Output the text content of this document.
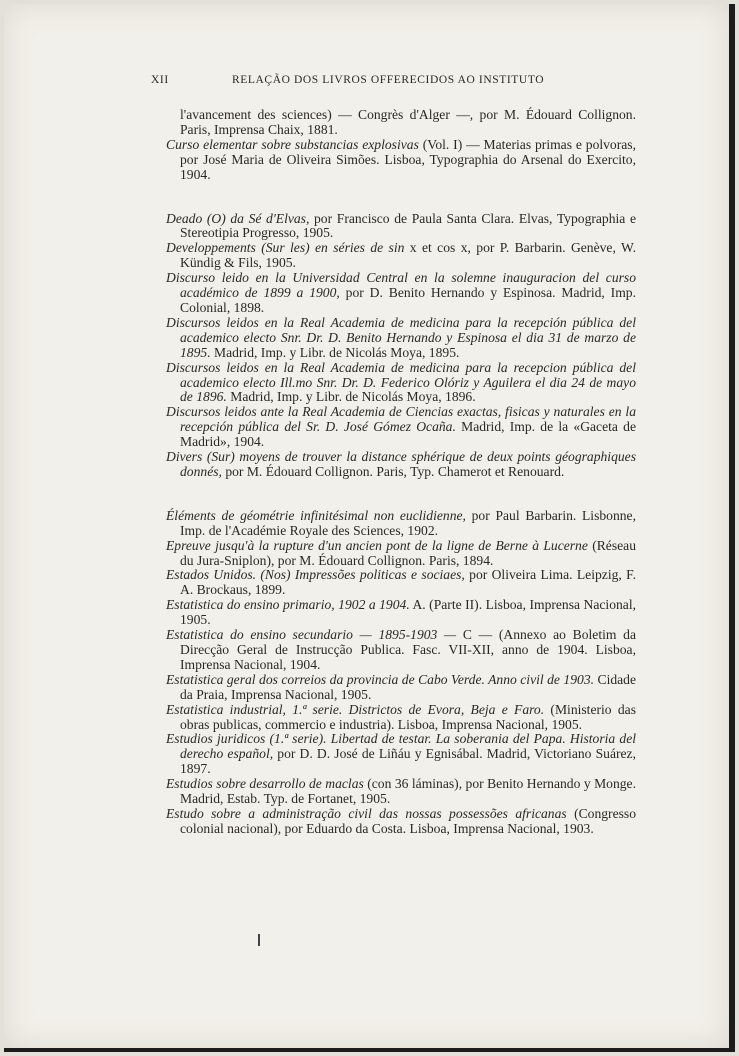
XII	RELAÇÃO DOS LIVROS OFFERECIDOS AO INSTITUTO

l'avancement des sciences) — Congrès d'Alger —, por M. Édouard Collignon. Paris, Imprensa Chaix, 1881.

Curso elementar sobre substancias explosivas (Vol. I) — Materias primas e polvoras, por José Maria de Oliveira Simões. Lisboa, Typographia do Arsenal do Exercito, 1904.

Deado (O) da Sé d'Elvas, por Francisco de Paula Santa Clara. Elvas, Typographia e Stereotipia Progresso, 1905.

Developpements (Sur les) en séries de sin x et cos x, por P. Barbarin. Genève, W. Kündig & Fils, 1905.

Discurso leido en la Universidad Central en la solemne inauguracion del curso académico de 1899 a 1900, por D. Benito Hernando y Espinosa. Madrid, Imp. Colonial, 1898.

Discursos leidos en la Real Academia de medicina para la recepción pública del academico electo Snr. Dr. D. Benito Hernando y Espinosa el dia 31 de marzo de 1895. Madrid, Imp. y Libr. de Nicolás Moya, 1895.

Discursos leidos en la Real Academia de medicina para la recepcion pública del academico electo Ill.mo Snr. Dr. D. Federico Olóriz y Aguilera el dia 24 de mayo de 1896. Madrid, Imp. y Libr. de Nicolás Moya, 1896.

Discursos leidos ante la Real Academia de Ciencias exactas, fisicas y naturales en la recepción pública del Sr. D. José Gómez Ocaña. Madrid, Imp. de la «Gaceta de Madrid», 1904.

Divers (Sur) moyens de trouver la distance sphérique de deux points géographiques donnés, por M. Édouard Collignon. Paris, Typ. Chamerot et Renouard.

Éléments de géométrie infinitésimal non euclidienne, por Paul Barbarin. Lisbonne, Imp. de l'Académie Royale des Sciences, 1902.

Epreuve jusqu'à la rupture d'un ancien pont de la ligne de Berne à Lucerne (Réseau du Jura-Sniplon), por M. Édouard Collignon. Paris, 1894.

Estados Unidos. (Nos) Impressões politicas e sociaes, por Oliveira Lima. Leipzig, F. A. Brockaus, 1899.

Estatistica do ensino primario, 1902 a 1904. A. (Parte II). Lisboa, Imprensa Nacional, 1905.

Estatistica do ensino secundario — 1895-1903 — C — (Annexo ao Boletim da Direcção Geral de Instrucção Publica. Fasc. VII-XII, anno de 1904. Lisboa, Imprensa Nacional, 1904.

Estatistica geral dos correios da provincia de Cabo Verde. Anno civil de 1903. Cidade da Praia, Imprensa Nacional, 1905.

Estatistica industrial, 1.ª serie. Districtos de Evora, Beja e Faro. (Ministerio das obras publicas, commercio e industria). Lisboa, Imprensa Nacional, 1905.

Estudios juridicos (1.ª serie). Libertad de testar. La soberania del Papa. Historia del derecho español, por D. D. José de Liñáu y Egnisábal. Madrid, Victoriano Suárez, 1897.

Estudios sobre desarrollo de maclas (con 36 láminas), por Benito Hernando y Monge. Madrid, Estab. Typ. de Fortanet, 1905.

Estudo sobre a administração civil das nossas possessões africanas (Congresso colonial nacional), por Eduardo da Costa. Lisboa, Imprensa Nacional, 1903.
